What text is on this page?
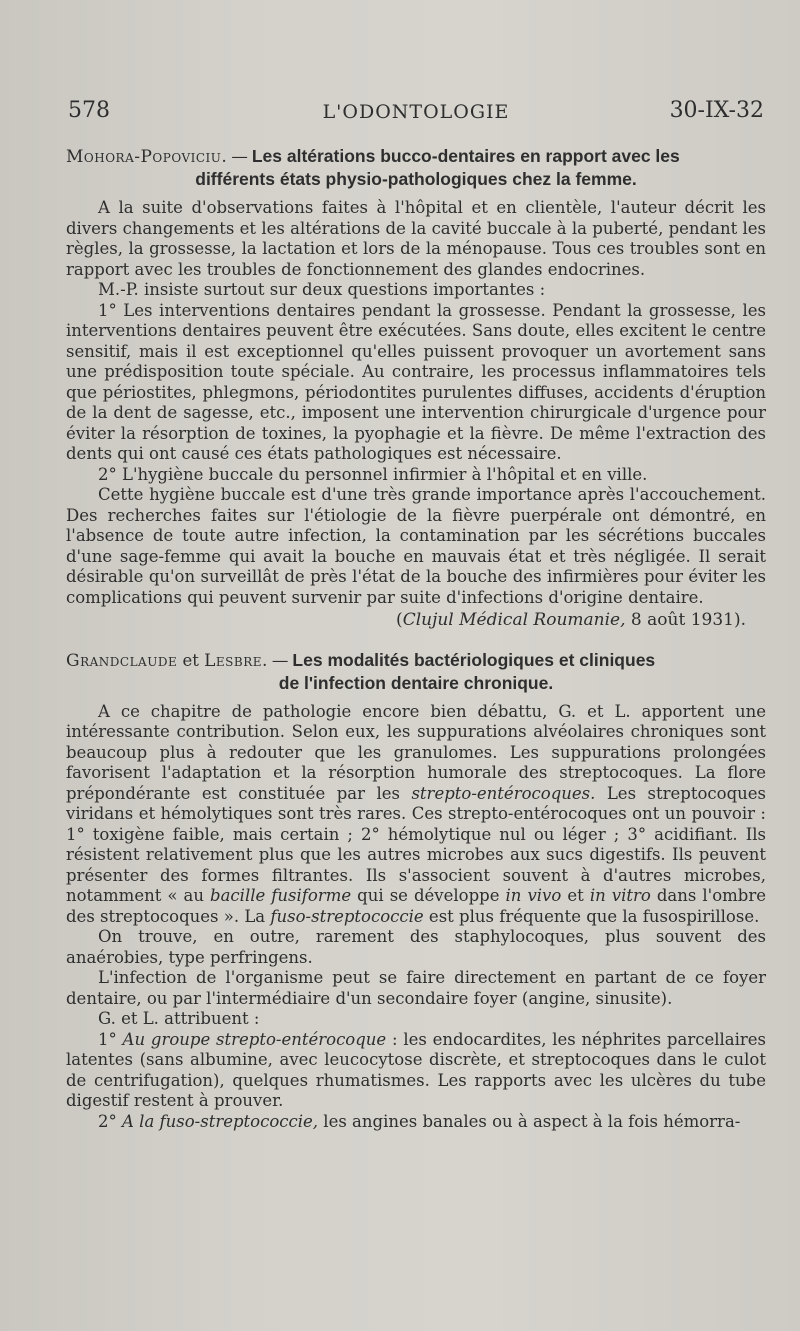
578	L'ODONTOLOGIE	30-IX-32
Mohora-Popoviciu. — Les altérations bucco-dentaires en rapport avec les
différents états physio-pathologiques chez la femme.

A la suite d'observations faites à l'hôpital et en clientèle, l'auteur décrit les divers changements et les altérations de la cavité buccale à la puberté, pendant les règles, la grossesse, la lactation et lors de la ménopause. Tous ces troubles sont en rapport avec les troubles de fonctionnement des glandes endocrines.

M.-P. insiste surtout sur deux questions importantes :

1° Les interventions dentaires pendant la grossesse. Pendant la grossesse, les interventions dentaires peuvent être exécutées. Sans doute, elles excitent le centre sensitif, mais il est exceptionnel qu'elles puissent provoquer un avortement sans une prédisposition toute spéciale. Au contraire, les processus inflammatoires tels que périostites, phlegmons, périodontites purulentes diffuses, accidents d'éruption de la dent de sagesse, etc., imposent une intervention chirurgicale d'urgence pour éviter la résorption de toxines, la pyophagie et la fièvre. De même l'extraction des dents qui ont causé ces états pathologiques est nécessaire.

2° L'hygiène buccale du personnel infirmier à l'hôpital et en ville.

Cette hygiène buccale est d'une très grande importance après l'accouchement. Des recherches faites sur l'étiologie de la fièvre puerpérale ont démontré, en l'absence de toute autre infection, la contamination par les sécrétions buccales d'une sage-femme qui avait la bouche en mauvais état et très négligée. Il serait désirable qu'on surveillât de près l'état de la bouche des infirmières pour éviter les complications qui peuvent survenir par suite d'infections d'origine dentaire.

(Clujul Médical Roumanie, 8 août 1931).
Grandclaude et Lesbre. — Les modalités bactériologiques et cliniques
de l'infection dentaire chronique.

A ce chapitre de pathologie encore bien débattu, G. et L. apportent une intéressante contribution. Selon eux, les suppurations alvéolaires chroniques sont beaucoup plus à redouter que les granulomes. Les suppurations prolongées favorisent l'adaptation et la résorption humorale des streptocoques. La flore prépondérante est constituée par les strepto-entérocoques. Les streptocoques viridans et hémolytiques sont très rares. Ces strepto-entérocoques ont un pouvoir : 1° toxigène faible, mais certain ; 2° hémolytique nul ou léger ; 3° acidifiant. Ils résistent relativement plus que les autres microbes aux sucs digestifs. Ils peuvent présenter des formes filtrantes. Ils s'associent souvent à d'autres microbes, notamment « au bacille fusiforme qui se développe in vivo et in vitro dans l'ombre des streptocoques ». La fuso-streptococcie est plus fréquente que la fusospirillose.

On trouve, en outre, rarement des staphylocoques, plus souvent des anaérobies, type perfringens.

L'infection de l'organisme peut se faire directement en partant de ce foyer dentaire, ou par l'intermédiaire d'un secondaire foyer (angine, sinusite).

G. et L. attribuent :

1° Au groupe strepto-entérocoque : les endocardites, les néphrites parcellaires latentes (sans albumine, avec leucocytose discrète, et streptocoques dans le culot de centrifugation), quelques rhumatismes. Les rapports avec les ulcères du tube digestif restent à prouver.

2° A la fuso-streptococcie, les angines banales ou à aspect à la fois hémorra-
